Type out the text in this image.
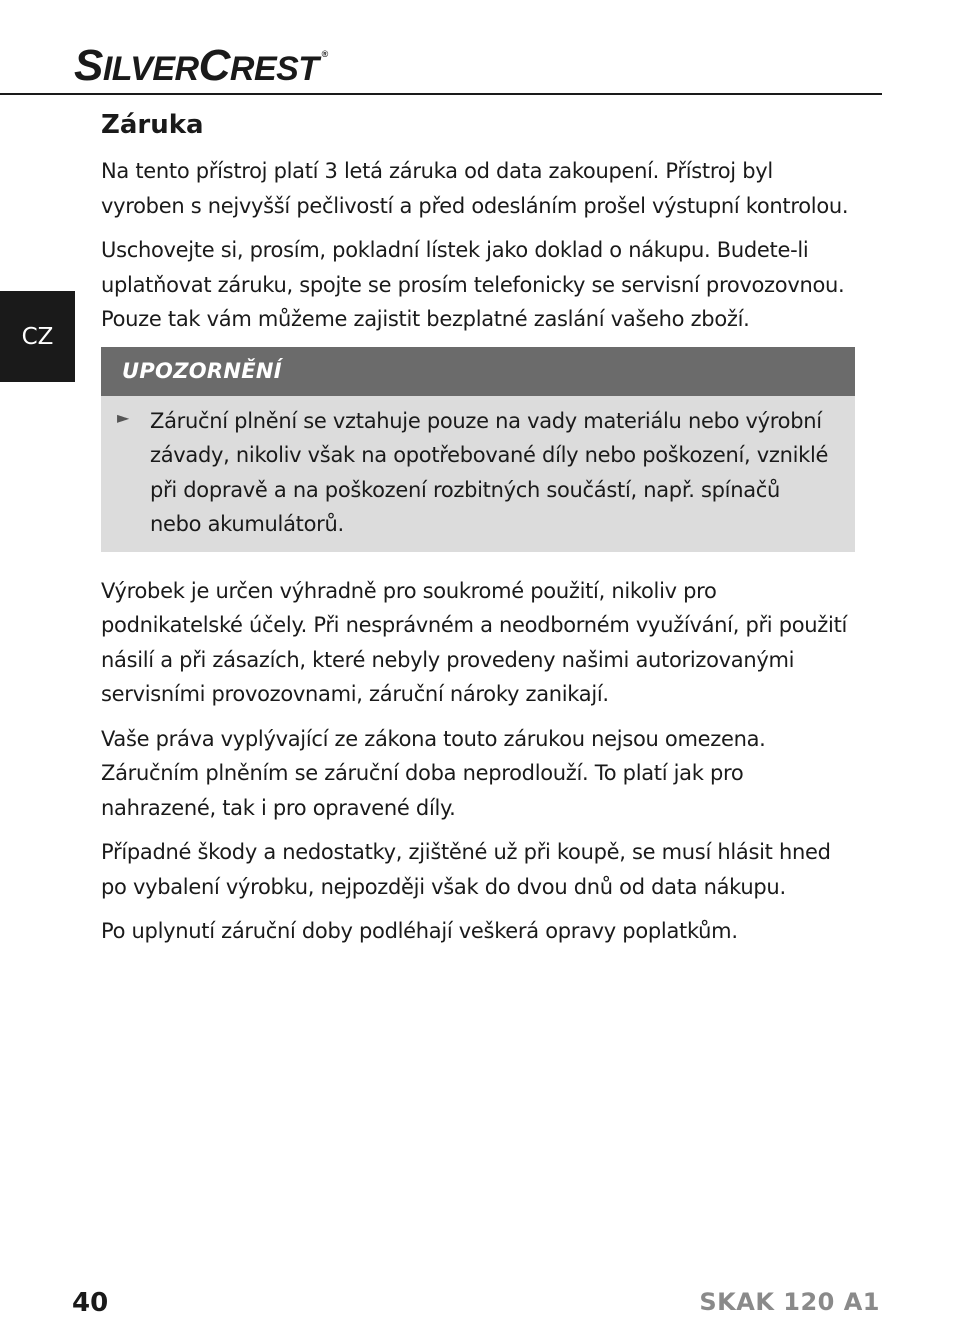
SILVERCREST ®
CZ
Záruka

Na tento přístroj platí 3 letá záruka od data zakoupení. Přístroj byl vyroben s nejvyšší pečlivostí a před odesláním prošel výstupní kontrolou.

Uschovejte si, prosím, pokladní lístek jako doklad o nákupu. Budete-li uplatňovat záruku, spojte se prosím telefonicky se servisní provozovnou. Pouze tak vám můžeme zajistit bezplatné zaslání vašeho zboží.

UPOZORNĚNÍ
► Záruční plnění se vztahuje pouze na vady materiálu nebo výrobní závady, nikoliv však na opotřebované díly nebo poškození, vzniklé při dopravě a na poškození rozbitných součástí, např. spínačů nebo akumulátorů.

Výrobek je určen výhradně pro soukromé použití, nikoliv pro podnikatelské účely. Při nesprávném a neodborném využívání, při použití násilí a při zásazích, které nebyly provedeny našimi autorizovanými servisními provozovnami, záruční nároky zanikají.

Vaše práva vyplývající ze zákona touto zárukou nejsou omezena. Záručním plněním se záruční doba neprodlouží. To platí jak pro nahrazené, tak i pro opravené díly.

Případné škody a nedostatky, zjištěné už při koupě, se musí hlásit hned po vybalení výrobku, nejpozději však do dvou dnů od data nákupu.

Po uplynutí záruční doby podléhají veškerá opravy poplatkům.

40	SKAK 120 A1
